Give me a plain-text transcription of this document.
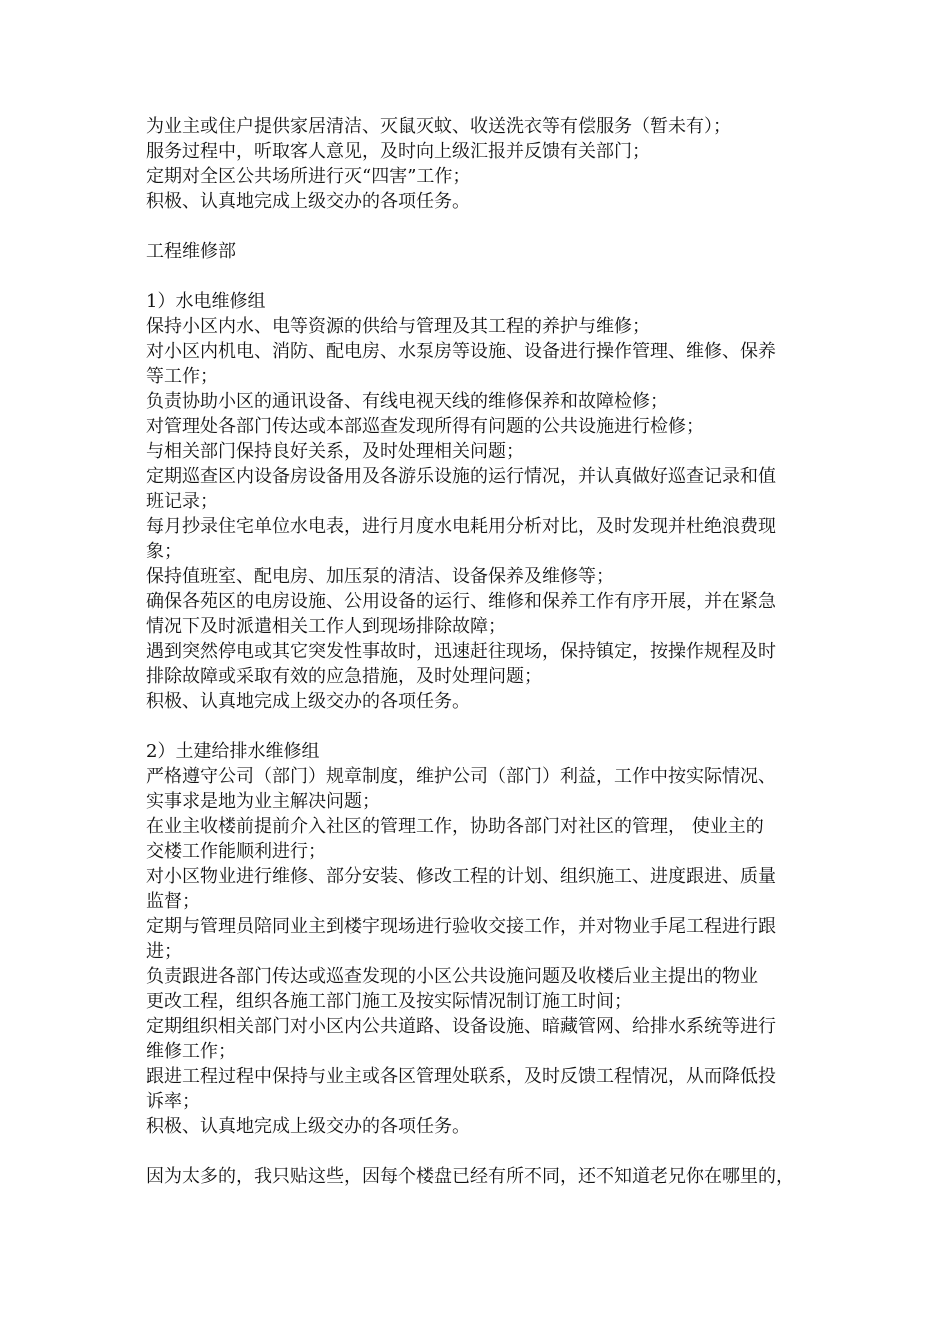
为业主或住户提供家居清洁、灭鼠灭蚊、收送洗衣等有偿服务（暂未有）；
服务过程中，听取客人意见，及时向上级汇报并反馈有关部门；
定期对全区公共场所进行灭“四害”工作；
积极、认真地完成上级交办的各项任务。
工程维修部
1）水电维修组
保持小区内水、电等资源的供给与管理及其工程的养护与维修；
对小区内机电、消防、配电房、水泵房等设施、设备进行操作管理、维修、保养
等工作；
负责协助小区的通讯设备、有线电视天线的维修保养和故障检修；
对管理处各部门传达或本部巡查发现所得有问题的公共设施进行检修；
与相关部门保持良好关系，及时处理相关问题；
定期巡查区内设备房设备用及各游乐设施的运行情况，并认真做好巡查记录和值
班记录；
每月抄录住宅单位水电表，进行月度水电耗用分析对比，及时发现并杜绝浪费现
象；
保持值班室、配电房、加压泵的清洁、设备保养及维修等；
确保各苑区的电房设施、公用设备的运行、维修和保养工作有序开展，并在紧急
情况下及时派遣相关工作人到现场排除故障；
遇到突然停电或其它突发性事故时，迅速赶往现场，保持镇定，按操作规程及时
排除故障或采取有效的应急措施，及时处理问题；
积极、认真地完成上级交办的各项任务。
2）土建给排水维修组
严格遵守公司（部门）规章制度，维护公司（部门）利益，工作中按实际情况、
实事求是地为业主解决问题；
在业主收楼前提前介入社区的管理工作，协助各部门对社区的管理， 使业主的
交楼工作能顺利进行；
对小区物业进行维修、部分安装、修改工程的计划、组织施工、进度跟进、质量
监督；
定期与管理员陪同业主到楼宇现场进行验收交接工作，并对物业手尾工程进行跟
进；
负责跟进各部门传达或巡查发现的小区公共设施问题及收楼后业主提出的物业
更改工程，组织各施工部门施工及按实际情况制订施工时间；
定期组织相关部门对小区内公共道路、设备设施、暗藏管网、给排水系统等进行
维修工作；
跟进工程过程中保持与业主或各区管理处联系，及时反馈工程情况，从而降低投
诉率；
积极、认真地完成上级交办的各项任务。
因为太多的，我只贴这些，因每个楼盘已经有所不同，还不知道老兄你在哪里的，
